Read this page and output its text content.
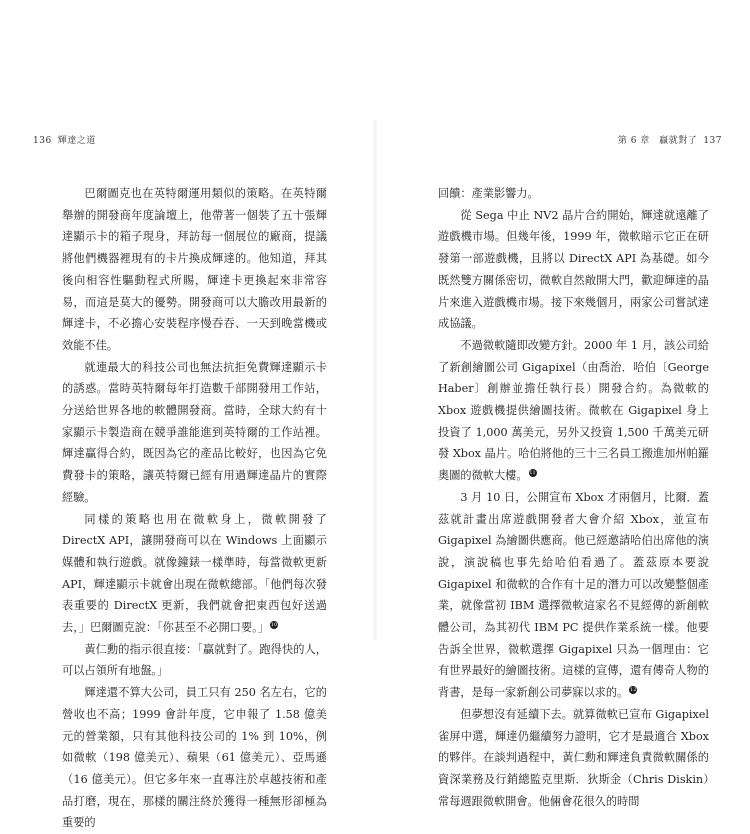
136 輝達之道

巴爾圖克也在英特爾運用類似的策略。在英特爾舉辦的開發商年度論壇上，他帶著一個裝了五十張輝達顯示卡的箱子現身，拜訪每一個展位的廠商，提議將他們機器裡現有的卡片換成輝達的。他知道，拜其後向相容性驅動程式所賜，輝達卡更換起來非常容易，而這是莫大的優勢。開發商可以大膽改用最新的輝達卡，不必擔心安裝程序慢吞吞、一天到晚當機或效能不佳。

就連最大的科技公司也無法抗拒免費輝達顯示卡的誘惑。當時英特爾每年打造數千部開發用工作站，分送給世界各地的軟體開發商。當時，全球大約有十家顯示卡製造商在競爭誰能進到英特爾的工作站裡。輝達贏得合約，既因為它的產品比較好，也因為它免費發卡的策略，讓英特爾已經有用過輝達晶片的實際經驗。

同樣的策略也用在微軟身上，微軟開發了 DirectX API，讓開發商可以在 Windows 上面顯示媒體和執行遊戲。就像鐘錶一樣準時，每當微軟更新 API，輝達顯示卡就會出現在微軟總部。「他們每次發表重要的 DirectX 更新，我們就會把東西包好送過去，」巴爾圖克說：「你甚至不必開口要。」 10

黃仁勳的指示很直接：「贏就對了。跑得快的人，可以占領所有地盤。」

輝達還不算大公司，員工只有 250 名左右，它的營收也不高；1999 會計年度，它申報了 1.58 億美元的營業額，只有其他科技公司的 1% 到 10%，例如微軟（198 億美元）、蘋果（61 億美元）、亞馬遜（16 億美元）。但它多年來一直專注於卓越技術和產品打磨，現在，那樣的關注終於獲得一種無形卻極為重要的

第 6 章　贏就對了 137

回饋：產業影響力。

從 Sega 中止 NV2 晶片合約開始，輝達就遠離了遊戲機市場。但幾年後，1999 年，微軟暗示它正在研發第一部遊戲機，且將以 DirectX API 為基礎。如今既然雙方關係密切，微軟自然敞開大門，歡迎輝達的晶片來進入遊戲機市場。接下來幾個月，兩家公司嘗試達成協議。

不過微軟隨即改變方針。2000 年 1 月，該公司給了新創繪圖公司 Gigapixel（由喬治．哈伯〔George Haber〕創辦並擔任執行長）開發合約。為微軟的 Xbox 遊戲機提供繪圖技術。微軟在 Gigapixel 身上投資了 1,000 萬美元，另外又投資 1,500 千萬美元研發 Xbox 晶片。哈伯將他的三十三名員工搬進加州帕羅奧圖的微軟大樓。 11

3 月 10 日，公開宣布 Xbox 才兩個月，比爾．蓋茲就計畫出席遊戲開發者大會介紹 Xbox，並宣布 Gigapixel 為繪圖供應商。他已經邀請哈伯出席他的演說，演說稿也事先給哈伯看過了。蓋茲原本要說 Gigapixel 和微軟的合作有十足的潛力可以改變整個產業，就像當初 IBM 選擇微軟這家名不見經傳的新創軟體公司，為其初代 IBM PC 提供作業系統一樣。他要告訴全世界，微軟選擇 Gigapixel 只為一個理由：它有世界最好的繪圖技術。這樣的宣傳，還有傳奇人物的背書，是每一家新創公司夢寐以求的。 12

但夢想沒有延續下去。就算微軟已宣布 Gigapixel 雀屏中選，輝達仍繼續努力證明，它才是最適合 Xbox 的夥伴。在談判過程中，黃仁勳和輝達負責微軟關係的資深業務及行銷總監克里斯．狄斯金（Chris Diskin）常每週跟微軟開會。他倆會花很久的時間
